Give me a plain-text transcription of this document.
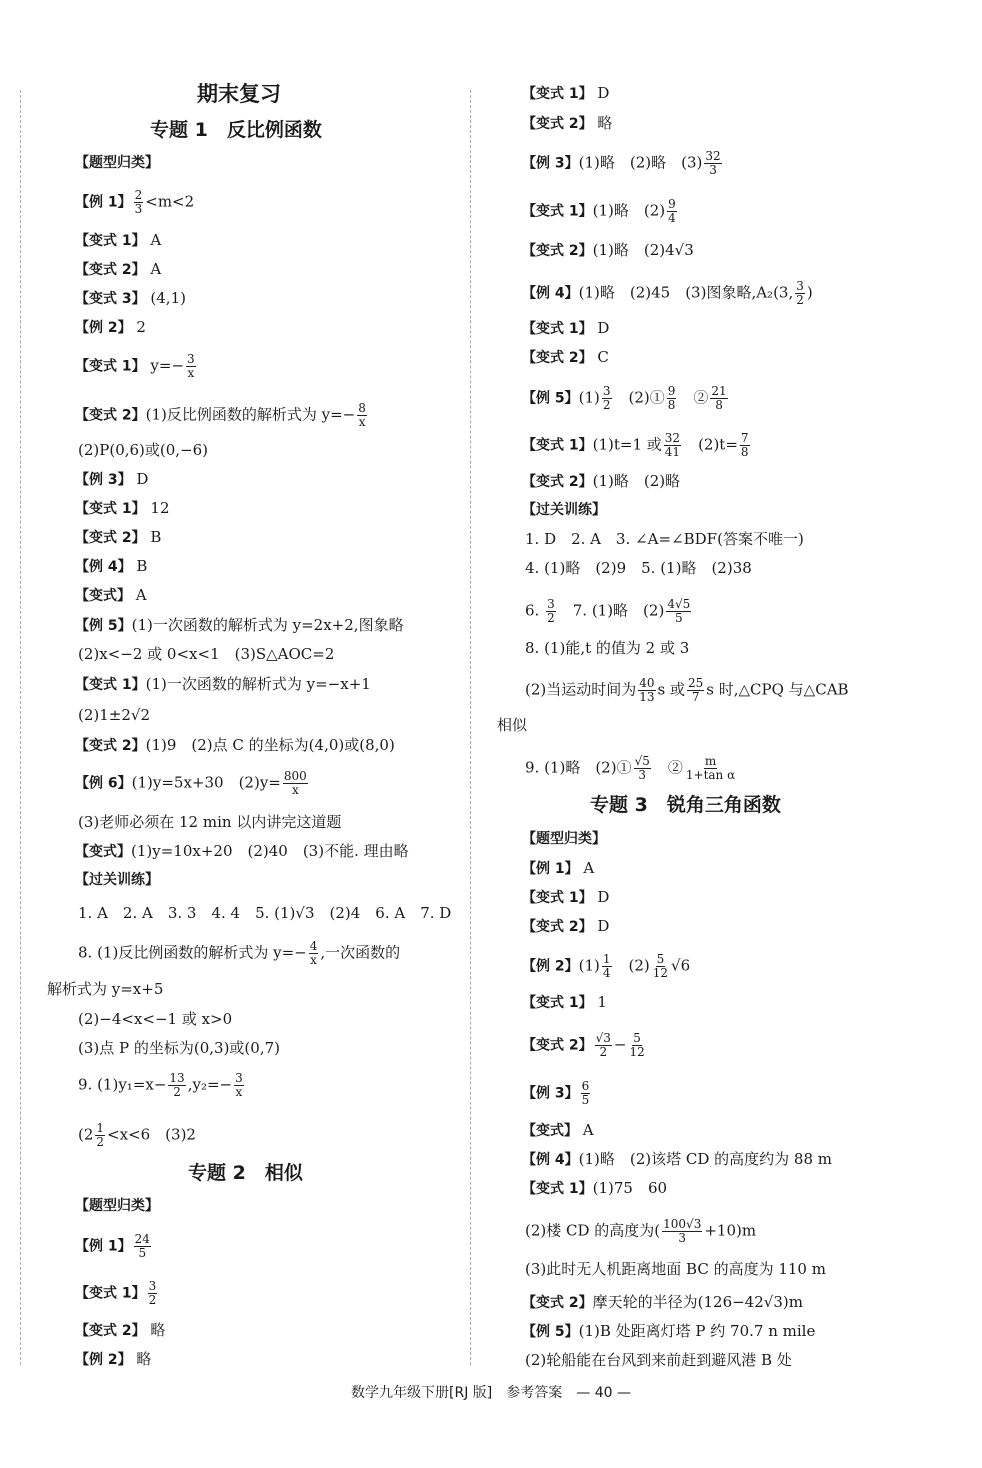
期末复习
专题 1　反比例函数
【题型归类】
【例 1】 $\frac{2}{3} <m<2$
【变式 1】 A
【变式 2】 A
【变式 3】 (4,1)
【例 2】 2
【变式 1】 $y=- \frac{3}{x}$
【变式 2】(1)反比例函数的解析式为 $y=- \frac{8}{x}$
(2)P(0,6)或(0,−6)
【例 3】 D
【变式 1】 12
【变式 2】 B
【例 4】 B
【变式】 A
【例 5】(1)一次函数的解析式为 y=2x+2,图象略
(2)x<−2 或 0<x<1　(3)S△AOC=2
【变式 1】(1)一次函数的解析式为 y=−x+1
(2)1±2√2
【变式 2】(1)9　(2)点 C 的坐标为(4,0)或(8,0)
【例 6】(1)y=5x+30　$(2)y= \frac{800}{x}$
(3)老师必须在 12 min 以内讲完这道题
【变式】(1)y=10x+20　(2)40　(3)不能. 理由略
【过关训练】
1. A　2. A　3. 3　4. 4　5. (1)√3　(2)4　6. A　7. D
8. (1)反比例函数的解析式为 $y=- \frac{4}{x}$ ,一次函数的
解析式为 y=x+5
(2)−4<x<−1 或 x>0
(3)点 P 的坐标为(0,3)或(0,7)
9. $(1)y_1=x- \frac{13}{2} ,y_2=- \frac{3}{x}$
($2 \frac{1}{2} <x<6$　(3)2
专题 2　相似
【题型归类】
【例 1】 $\frac{24}{5}$
【变式 1】 $\frac{3}{2}$
【变式 2】 略
【例 2】 略
【变式 1】 D
【变式 2】 略
【例 3】(1)略　(2)略　$(3) \frac{32}{3}$
【变式 1】(1)略　$(2) \frac{9}{4}$
【变式 2】(1)略　(2)4√3
【例 4】(1)略　(2)45　(3)图象略,A₂(3, $\frac{3}{2}$ )
【变式 1】 D
【变式 2】 C
【例 5】$(1) \frac{3}{2}$ 　(2)① $\frac{9}{8}$ 　② $\frac{21}{8}$
【变式 1】(1)t=1 或 $\frac{32}{41}$ 　$(2)t= \frac{7}{8}$
【变式 2】(1)略　(2)略
【过关训练】
1. D　2. A　3. ∠A=∠BDF(答案不唯一)
4. (1)略　(2)9　5. (1)略　(2)38
6. $\frac{3}{2}$ 　7. (1)略　$(2) \frac{4√5}{5}$
8. (1)能,t 的值为 2 或 3
(2)当运动时间为 $\frac{40}{13}$ s 或 $\frac{25}{7}$ s 时,△CPQ 与△CAB
相似
9. (1)略　(2)① $\frac{√5}{3}$ 　② $\frac{m}{\text{1+tan α}}$
专题 3　锐角三角函数
【题型归类】
【例 1】 A
【变式 1】 D
【变式 2】 D
【例 2】$(1) \frac{1}{4}$ 　$(2) \frac{5}{12} √6$
【变式 1】 1
【变式 2】 $\frac{√3}{2} - \frac{5}{12}$
【例 3】 $\frac{6}{5}$
【变式】 A
【例 4】(1)略　(2)该塔 CD 的高度约为 88 m
【变式 1】(1)75　60
(2)楼 CD 的高度为( $\frac{100√3}{3} +10)m$
(3)此时无人机距离地面 BC 的高度为 110 m
【变式 2】摩天轮的半径为(126−42√3)m
【例 5】(1)B 处距离灯塔 P 约 70.7 n mile
(2)轮船能在台风到来前赶到避风港 B 处
数学九年级下册[RJ 版]　参考答案　— 40 —
